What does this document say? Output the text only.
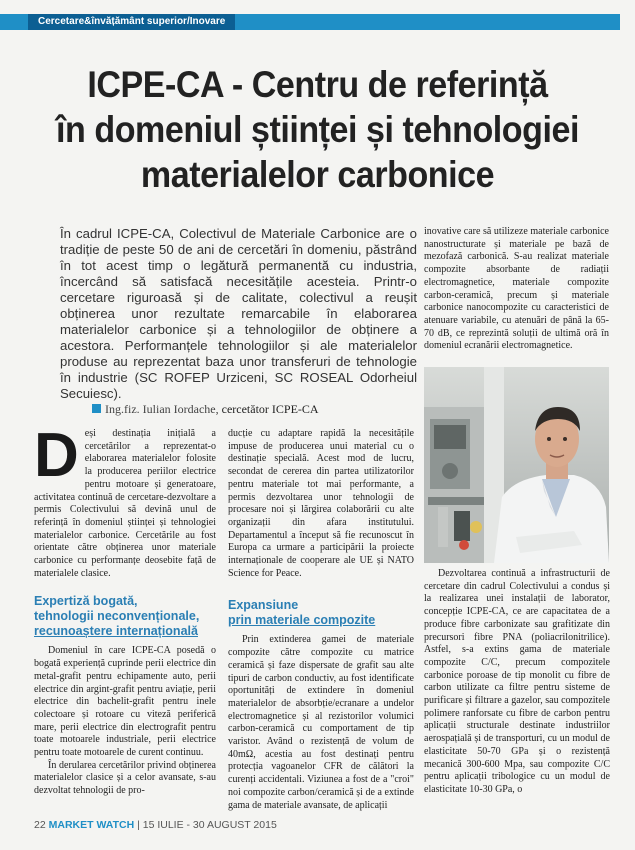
Cercetare&învățământ superior/Inovare
ICPE-CA - Centru de referință
în domeniul științei și tehnologiei
materialelor carbonice
În cadrul ICPE-CA, Colectivul de Materiale Carbonice are o tradiție de peste 50 de ani de cercetări în domeniu, păstrând în tot acest timp o legătură permanentă cu industria, încercând să satisfacă necesitățile acesteia. Printr-o cercetare riguroasă și de calitate, colectivul a reușit obținerea unor rezultate remarcabile în elaborarea materialelor carbonice și a tehnologiilor de obținere a acestora. Performanțele tehnologiilor și ale materialelor produse au reprezentat baza unor transferuri de tehnologie în industrie (SC ROFEP Urziceni, SC ROSEAL Odorheiul Secuiesc).
Ing.fiz. Iulian Iordache, cercetător ICPE-CA

Deși destinația inițială a cercetărilor a reprezentat-o elaborarea materialelor folosite la producerea periilor electrice pentru motoare și generatoare, activitatea continuă de cercetare-dezvoltare a permis Colectivului să devină unul de referință în domeniul științei și tehnologiei materialelor carbonice. Cercetările au fost orientate către obținerea unor materiale carbonice cu performanțe deosebite față de materialele clasice.

Expertiză bogată,
tehnologii neconvenționale,
recunoaștere internațională

Domeniul în care ICPE-CA posedă o bogată experiență cuprinde perii electrice din metal-grafit pentru echipamente auto, perii electrice din argint-grafit pentru aviație, perii electrice din bachelit-grafit pentru inele colectoare și rotoare cu viteză periferică mare, perii electrice din electrografit pentru toate motoarele industriale, perii electrice pentru toate motoarele de curent continuu.

În derularea cercetărilor privind obținerea materialelor clasice și a celor avansate, s-au dezvoltat tehnologii de pro-

ducție cu adaptare rapidă la necesitățile impuse de producerea unui material cu o destinație specială. Acest mod de lucru, secondat de cererea din partea utilizatorilor pentru materiale tot mai performante, a permis dezvoltarea unor tehnologii de procesare noi și lărgirea colaborării cu alte organizații din afara institutului. Departamentul a început să fie recunoscut în Europa ca urmare a participării la proiecte internaționale de cooperare ale UE și NATO Science for Peace.

Expansiune
prin materiale compozite

Prin extinderea gamei de materiale compozite către compozite cu matrice ceramică și faze dispersate de grafit sau alte tipuri de carbon conductiv, au fost identificate oportunități de extindere în domeniul materialelor de absorbție/ecranare a undelor electromagnetice și al rezistorilor volumici carbon-ceramică cu comportament de tip varistor. Având o rezistență de volum de 40mΩ, acestia au fost destinați pentru protecția vagoanelor CFR de călători la curenți accidentali. Viziunea a fost de a "croi" noi compozite carbon/ceramică și de a extinde gama de materiale avansate, de aplicații

inovative care să utilizeze materiale carbonice nanostructurate și materiale pe bază de mezofază carbonică. S-au realizat materiale compozite absorbante de radiații electromagnetice, materiale compozite carbon-ceramică, precum și materiale carbonice nanocompozite cu caracteristici de atenuare variabile, cu atenuări de până la 65-70 dB, ce reprezintă soluții de ultimă oră în domeniul ecranării electromagnetice.

Dezvoltarea continuă a infrastructurii de cercetare din cadrul Colectivului a condus și la realizarea unei instalații de laborator, concepție ICPE-CA, ce are capacitatea de a produce fibre carbonizate sau grafitizate din precursori fibre PNA (poliacrilonitrilice). Astfel, s-a extins gama de materiale compozite C/C, precum compozitele carbonice poroase de tip monolit cu fibre de carbon utilizate ca filtre pentru sisteme de purificare și filtrare a gazelor, sau compozitele polimere ranforsate cu fibre de carbon pentru aplicații structurale destinate industriilor aerospațială și de transporturi, cu un modul de elasticitate 50-70 GPa și o rezistență mecanică 300-600 Mpa, sau compozite C/C pentru aplicații tribologice cu un modul de elasticitate 10-30 GPa, o

22 MARKET WATCH | 15 IULIE - 30 AUGUST 2015
